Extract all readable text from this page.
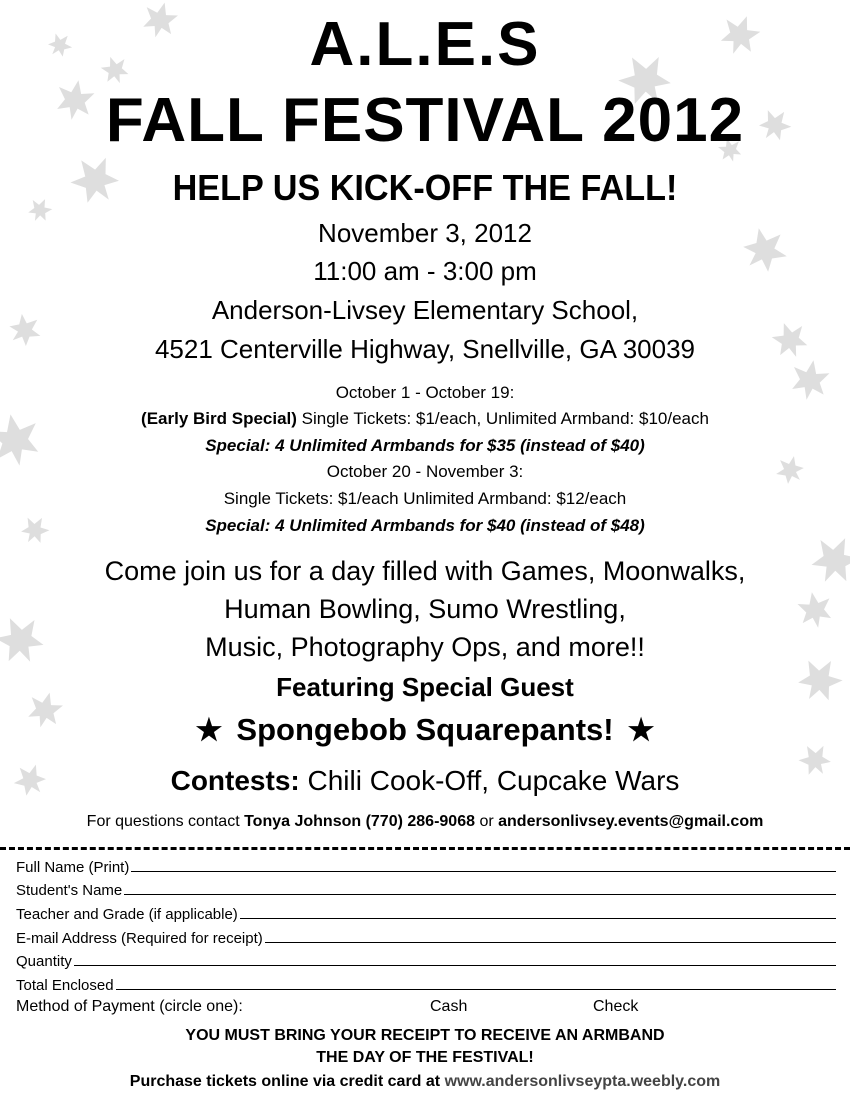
A.L.E.S
FALL FESTIVAL 2012
HELP US KICK-OFF THE FALL!
November 3, 2012
11:00 am - 3:00 pm
Anderson-Livsey Elementary School,
4521 Centerville Highway, Snellville, GA 30039
October 1 - October 19:
(Early Bird Special) Single Tickets: $1/each, Unlimited Armband: $10/each
Special: 4 Unlimited Armbands for $35 (instead of $40)
October 20 - November 3:
Single Tickets: $1/each Unlimited Armband: $12/each
Special: 4 Unlimited Armbands for $40 (instead of $48)
Come join us for a day filled with Games, Moonwalks,
Human Bowling, Sumo Wrestling,
Music, Photography Ops, and more!!
Featuring Special Guest
★ Spongebob Squarepants! ★
Contests: Chili Cook-Off, Cupcake Wars
For questions contact Tonya Johnson (770) 286-9068 or andersonlivsey.events@gmail.com
Full Name (Print)
Student's Name
Teacher and Grade (if applicable)
E-mail Address (Required for receipt)
Quantity
Total Enclosed
Method of Payment (circle one):	Cash	Check
YOU MUST BRING YOUR RECEIPT TO RECEIVE AN ARMBAND
THE DAY OF THE FESTIVAL!
Purchase tickets online via credit card at www.andersonlivseypta.weebly.com
